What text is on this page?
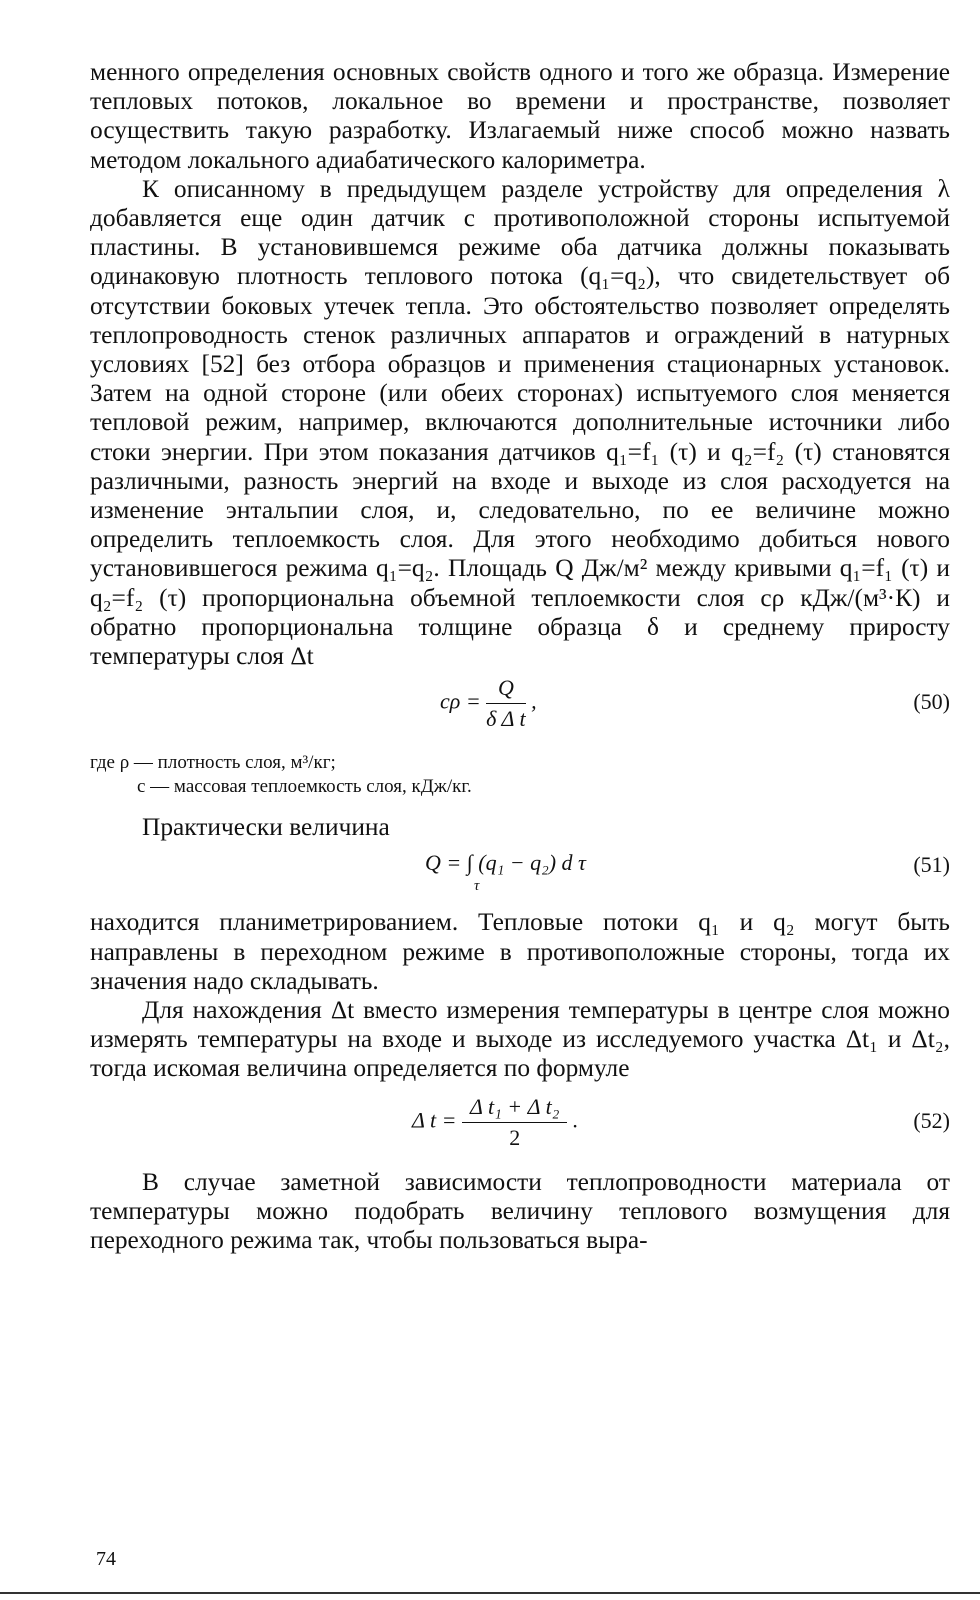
менного определения основных свойств одного и того же образца. Измерение тепловых потоков, локальное во времени и пространстве, позволяет осуществить такую разработку. Излагаемый ниже способ можно назвать методом локального адиабатического калориметра.

К описанному в предыдущем разделе устройству для определения λ добавляется еще один датчик с противоположной стороны испытуемой пластины. В установившемся режиме оба датчика должны показывать одинаковую плотность теплового потока (q₁=q₂), что свидетельствует об отсутствии боковых утечек тепла. Это обстоятельство позволяет определять теплопроводность стенок различных аппаратов и ограждений в натурных условиях [52] без отбора образцов и применения стационарных установок. Затем на одной стороне (или обеих сторонах) испытуемого слоя меняется тепловой режим, например, включаются дополнительные источники либо стоки энергии. При этом показания датчиков q₁=f₁ (τ) и q₂=f₂ (τ) становятся различными, разность энергий на входе и выходе из слоя расходуется на изменение энтальпии слоя, и, следовательно, по ее величине можно определить теплоемкость слоя. Для этого необходимо добиться нового установившегося режима q₁=q₂. Площадь Q Дж/м² между кривыми q₁=f₁ (τ) и q₂=f₂ (τ) пропорциональна объемной теплоемкости слоя cρ кДж/(м³·К) и обратно пропорциональна толщине образца δ и среднему приросту температуры слоя Δt

$c\rho = \frac{Q}{\text{δ Δ t}}$ ,	(50)
где ρ — плотность слоя, м³/кг;
c — массовая теплоемкость слоя, кДж/кг.

Практически величина

Q = ∫ (q₁ − q₂) d τ
τ
(51)

находится планиметрированием. Тепловые потоки q₁ и q₂ могут быть направлены в переходном режиме в противоположные стороны, тогда их значения надо складывать.

Для нахождения Δt вместо измерения температуры в центре слоя можно измерять температуры на входе и выходе из исследуемого участка Δt₁ и Δt₂, тогда искомая величина определяется по формуле

Δ $t = \frac{\text{Δ t₁ + Δ t₂}}{2}$ .	(52)

В случае заметной зависимости теплопроводности материала от температуры можно подобрать величину теплового возмущения для переходного режима так, чтобы пользоваться выра-

74
